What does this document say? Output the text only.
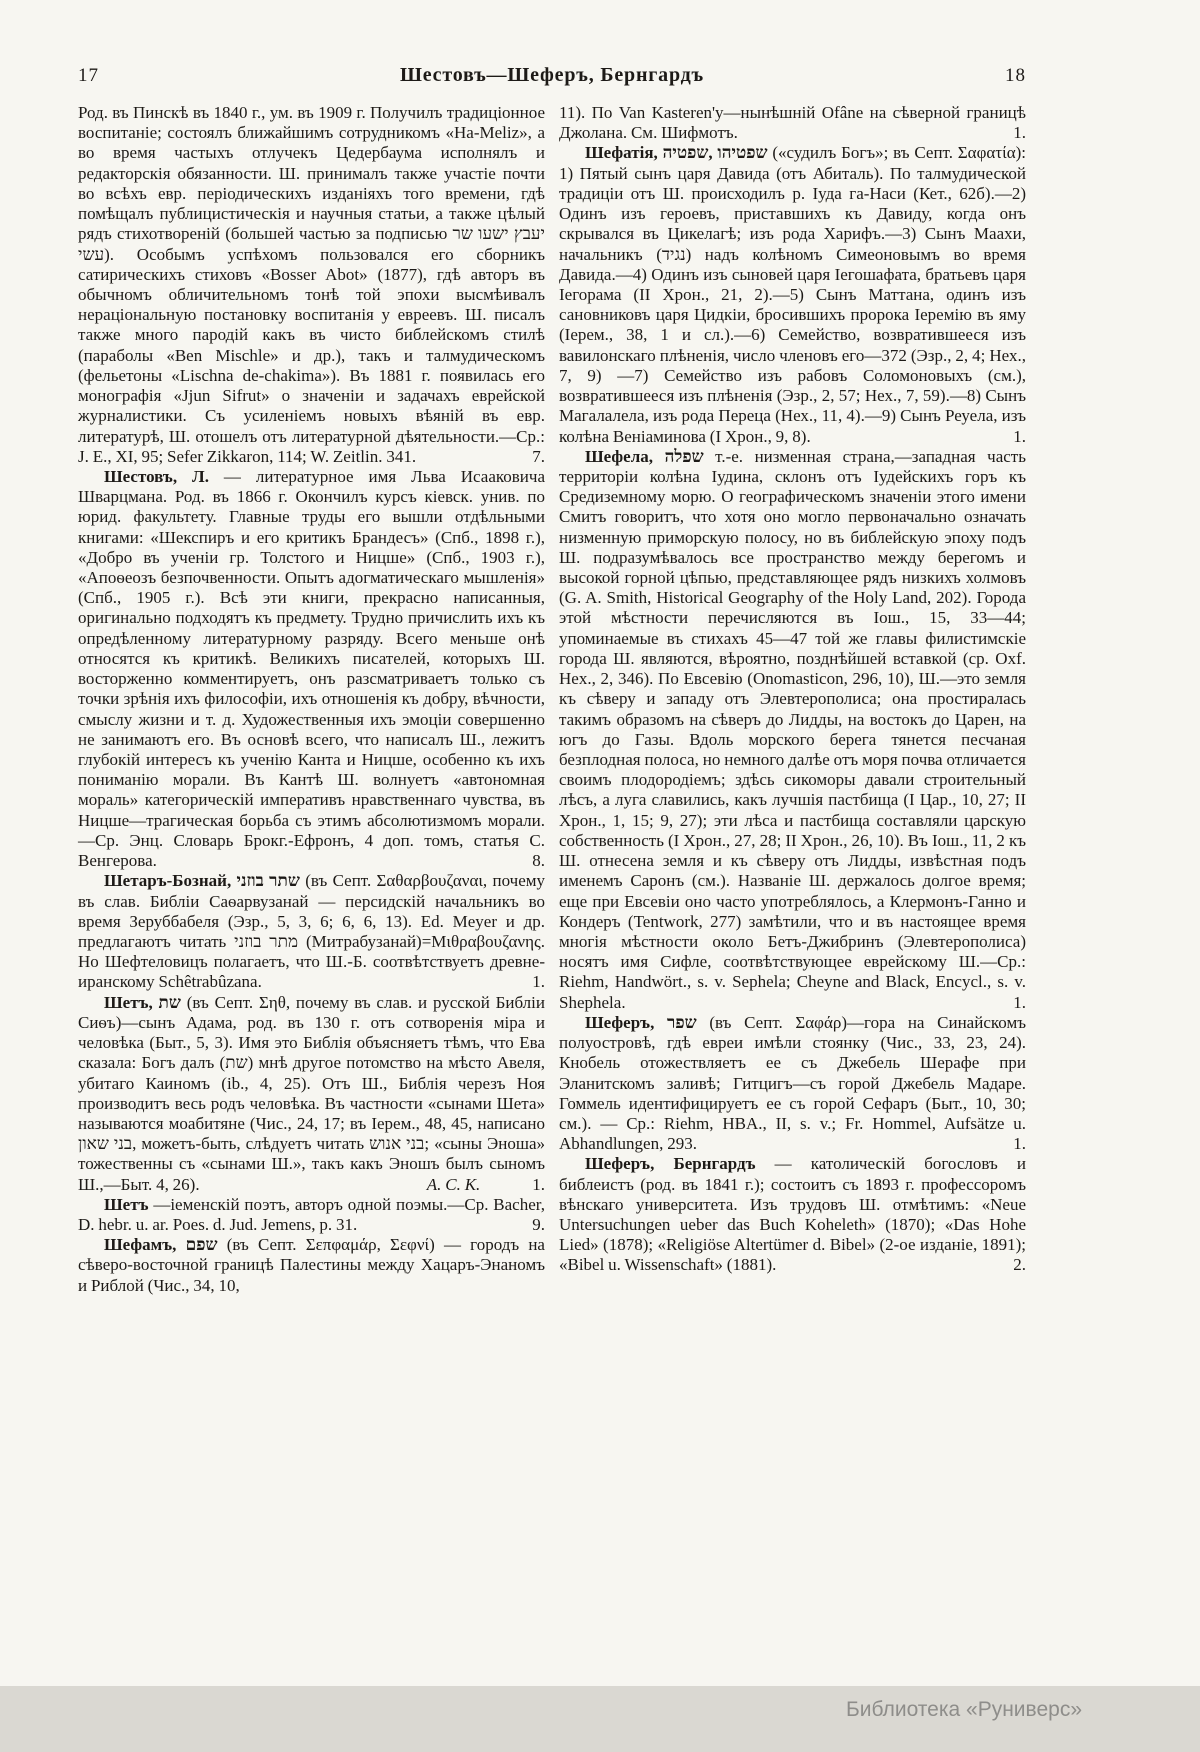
17	Шестовъ—Шеферъ, Бернгардъ	18

Род. въ Пинскѣ въ 1840 г., ум. въ 1909 г. Получилъ традиціонное воспитаніе; состоялъ ближайшимъ сотрудникомъ «Ha-Meliz», а во время частыхъ отлучекъ Цедербаума исполнялъ и редакторскія обязанности. Ш. принималъ также участіе почти во всѣхъ евр. періодическихъ изданіяхъ того времени, гдѣ помѣщалъ публицистическія и научныя статьи, а также цѣлый рядъ стихотвореній (большей частью за подписью יעבץ ישעו שר עשי). Особымъ успѣхомъ пользовался его сборникъ сатирическихъ стиховъ «Bosser Abot» (1877), гдѣ авторъ въ обычномъ обличительномъ тонѣ той эпохи высмѣивалъ нераціональную постановку воспитанія у евреевъ. Ш. писалъ также много пародій какъ въ чисто библейскомъ стилѣ (параболы «Ben Mischle» и др.), такъ и талмудическомъ (фельетоны «Lischna de-chakima»). Въ 1881 г. появилась его монографія «Jjun Sifrut» о значеніи и задачахъ еврейской журналистики. Съ усиленіемъ новыхъ вѣяній въ евр. литературѣ, Ш. отошелъ отъ литературной дѣятельности.—Ср.: J. E., XI, 95; Sefer Zikkaron, 114; W. Zeitlin. 341.	7.

Шестовъ, Л. — литературное имя Льва Исааковича Шварцмана. Род. въ 1866 г. Окончилъ курсъ кіевск. унив. по юрид. факультету. Главные труды его вышли отдѣльными книгами: «Шекспиръ и его критикъ Брандесъ» (Спб., 1898 г.), «Добро въ ученіи гр. Толстого и Ницше» (Спб., 1903 г.), «Апоѳеозъ безпочвенности. Опытъ адогматическаго мышленія» (Спб., 1905 г.). Всѣ эти книги, прекрасно написанныя, оригинально подходятъ къ предмету. Трудно причислить ихъ къ опредѣленному литературному разряду. Всего меньше онѣ относятся къ критикѣ. Великихъ писателей, которыхъ Ш. восторженно комментируетъ, онъ разсматриваетъ только съ точки зрѣнія ихъ философіи, ихъ отношенія къ добру, вѣчности, смыслу жизни и т. д. Художественныя ихъ эмоціи совершенно не занимаютъ его. Въ основѣ всего, что написалъ Ш., лежитъ глубокій интересъ къ ученію Канта и Ницше, особенно къ ихъ пониманію морали. Въ Кантѣ Ш. волнуетъ «автономная мораль» категорическій императивъ нравственнаго чувства, въ Ницше—трагическая борьба съ этимъ абсолютизмомъ морали.—Ср. Энц. Словарь Брокг.-Ефронъ, 4 доп. томъ, статья С. Венгерова.	8.

Шетаръ-Бознай, שתר בוזני (въ Септ. Σαθαρβουζαναι, почему въ слав. Библіи Саѳарвузанай — персидскій начальникъ во время Зеруббабеля (Эзр., 5, 3, 6; 6, 6, 13). Ed. Meyer и др. предлагаютъ читать מתר בוזני (Митрабузанай)=Μιθραβουζανης. Но Шефтеловицъ полагаетъ, что Ш.-Б. соотвѣтствуетъ древне-иранскому Schêtrabûzana.	1.

Шетъ, שת (въ Септ. Σηθ, почему въ слав. и русской Библіи Сиѳъ)—сынъ Адама, род. въ 130 г. отъ сотворенія міра и человѣка (Быт., 5, 3). Имя это Библія объясняетъ тѣмъ, что Ева сказала: Богъ далъ (שת) мнѣ другое потомство на мѣсто Авеля, убитаго Каиномъ (ib., 4, 25). Отъ Ш., Библія черезъ Ноя производитъ весь родъ человѣка. Въ частности «сынами Шета» называются моабитяне (Чис., 24, 17; въ Іерем., 48, 45, написано בני שאון, можетъ-быть, слѣдуетъ читать בני אנוש; «сыны Эноша» тожественны съ «сынами Ш.», такъ какъ Эношъ былъ сыномъ Ш.,—Быт. 4, 26).	А. С. К.	1.

Шетъ —іеменскій поэтъ, авторъ одной поэмы.—Ср. Bacher, D. hebr. u. ar. Poes. d. Jud. Jemens, p. 31.	9.

Шефамъ, שפם (въ Септ. Σεπφαμάρ, Σεφνί) — городъ на сѣверо-восточной границѣ Палестины между Хацаръ-Энаномъ и Риблой (Чис., 34, 10,

11). По Van Kasteren'у—нынѣшній Ofâne на сѣверной границѣ Джолана. См. Шифмотъ.	1.

Шефатія, שפטיהו ,שפטיה («судилъ Богъ»; въ Септ. Σαφατία): 1) Пятый сынъ царя Давида (отъ Абиталь). По талмудической традиціи отъ Ш. происходилъ р. Іуда га-Наси (Кет., 62б).—2) Одинъ изъ героевъ, приставшихъ къ Давиду, когда онъ скрывался въ Цикелагѣ; изъ рода Харифъ.—3) Сынъ Маахи, начальникъ (נגיד) надъ колѣномъ Симеоновымъ во время Давида.—4) Одинъ изъ сыновей царя Іегошафата, братьевъ царя Іегорама (II Хрон., 21, 2).—5) Сынъ Маттана, одинъ изъ сановниковъ царя Цидкіи, бросившихъ пророка Іеремію въ яму (Іерем., 38, 1 и сл.).—6) Семейство, возвратившееся изъ вавилонскаго плѣненія, число членовъ его—372 (Эзр., 2, 4; Нех., 7, 9) —7) Семейство изъ рабовъ Соломоновыхъ (см.), возвратившееся изъ плѣненія (Эзр., 2, 57; Нех., 7, 59).—8) Сынъ Магалалела, изъ рода Переца (Нех., 11, 4).—9) Сынъ Реуела, изъ колѣна Веніаминова (I Хрон., 9, 8).	1.

Шефела, שפלה т.-е. низменная страна,—западная часть территоріи колѣна Іудина, склонъ отъ Іудейскихъ горъ къ Средиземному морю. О географическомъ значеніи этого имени Смитъ говоритъ, что хотя оно могло первоначально означать низменную приморскую полосу, но въ библейскую эпоху подъ Ш. подразумѣвалось все пространство между берегомъ и высокой горной цѣпью, представляющее рядъ низкихъ холмовъ (G. A. Smith, Historical Geography of the Holy Land, 202). Города этой мѣстности перечисляются въ Іош., 15, 33—44; упоминаемые въ стихахъ 45—47 той же главы филистимскіе города Ш. являются, вѣроятно, позднѣйшей вставкой (ср. Oxf. Hex., 2, 346). По Евсевію (Onomasticon, 296, 10), Ш.—это земля къ сѣверу и западу отъ Элевтерополиса; она простиралась такимъ образомъ на сѣверъ до Лидды, на востокъ до Царен, на югъ до Газы. Вдоль морского берега тянется песчаная безплодная полоса, но немного далѣе отъ моря почва отличается своимъ плодородіемъ; здѣсь сикоморы давали строительный лѣсъ, а луга славились, какъ лучшія пастбища (I Цар., 10, 27; II Хрон., 1, 15; 9, 27); эти лѣса и пастбища составляли царскую собственность (I Хрон., 27, 28; II Хрон., 26, 10). Въ Іош., 11, 2 къ Ш. отнесена земля и къ сѣверу отъ Лидды, извѣстная подъ именемъ Саронъ (см.). Названіе Ш. держалось долгое время; еще при Евсевіи оно часто употреблялось, а Клермонъ-Ганно и Кондеръ (Tentwork, 277) замѣтили, что и въ настоящее время многія мѣстности около Бетъ-Джибринъ (Элевтерополиса) носятъ имя Сифле, соотвѣтствующее еврейскому Ш.—Ср.: Riehm, Handwört., s. v. Sephela; Cheyne and Black, Encycl., s. v. Shephela.	1.

Шеферъ, שפר (въ Септ. Σαφάρ)—гора на Синайскомъ полуостровѣ, гдѣ евреи имѣли стоянку (Чис., 33, 23, 24). Кнобель отожествляетъ ее съ Джебель Шерафе при Эланитскомъ заливѣ; Гитцигъ—съ горой Джебель Мадаре. Гоммель идентифицируетъ ее съ горой Сефаръ (Быт., 10, 30; см.). — Ср.: Riehm, HBA., II, s. v.; Fr. Hommel, Aufsätze u. Abhandlungen, 293.	1.

Шеферъ, Бернгардъ — католическій богословъ и библеистъ (род. въ 1841 г.); состоитъ съ 1893 г. профессоромъ вѣнскаго университета. Изъ трудовъ Ш. отмѣтимъ: «Neue Untersuchungen ueber das Buch Koheleth» (1870); «Das Hohe Lied» (1878); «Religiöse Altertümer d. Bibel» (2-ое изданіе, 1891); «Bibel u. Wissenschaft» (1881).	2.

Библиотека «Руниверс»
